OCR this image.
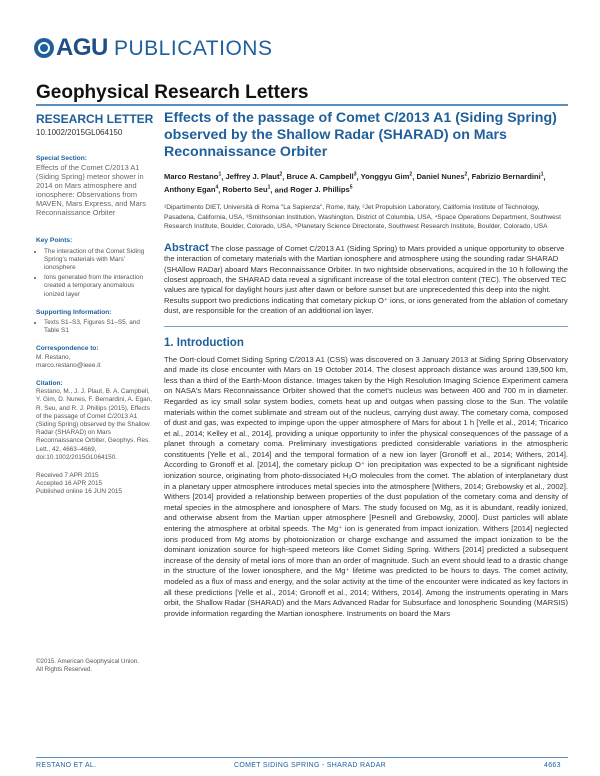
AGU PUBLICATIONS
Geophysical Research Letters
RESEARCH LETTER
10.1002/2015GL064150
Special Section:
Effects of the Comet C/2013 A1 (Siding Spring) meteor shower in 2014 on Mars atmosphere and ionosphere: Observations from MAVEN, Mars Express, and Mars Reconnaissance Orbiter
Key Points:
• The interaction of the Comet Siding Spring's materials with Mars' ionosphere
• Ions generated from the interaction created a temporary anomalous ionized layer
Supporting Information:
• Texts S1–S3, Figures S1–S5, and Table S1
Correspondence to:
M. Restano,
marco.restano@ieee.it
Citation:
Restano, M., J. J. Plaut, B. A. Campbell, Y. Gim, D. Nunes, F. Bernardini, A. Egan, R. Seu, and R. J. Phillips (2015), Effects of the passage of Comet C/2013 A1 (Siding Spring) observed by the Shallow Radar (SHARAD) on Mars Reconnaissance Orbiter, Geophys. Res. Lett., 42, 4663–4669, doi:10.1002/2015GL064150.
Received 7 APR 2015
Accepted 16 APR 2015
Published online 16 JUN 2015
©2015. American Geophysical Union.
All Rights Reserved.
Effects of the passage of Comet C/2013 A1 (Siding Spring) observed by the Shallow Radar (SHARAD) on Mars Reconnaissance Orbiter
Marco Restano$^1$, Jeffrey J. Plaut$^2$, Bruce A. Campbell$^3$, Yonggyu Gim$^2$, Daniel Nunes$^2$, Fabrizio Bernardini$^1$, Anthony Egan$^4$, Roberto Seu$^1$, and Roger J. Phillips$^5$
¹Dipartimento DIET, Università di Roma "La Sapienza", Rome, Italy, ²Jet Propulsion Laboratory, California Institute of Technology, Pasadena, California, USA, ³Smithsonian Institution, Washington, District of Columbia, USA, ⁴Space Operations Department, Southwest Research Institute, Boulder, Colorado, USA, ⁵Planetary Science Directorate, Southwest Research Institute, Boulder, Colorado, USA
Abstract The close passage of Comet C/2013 A1 (Siding Spring) to Mars provided a unique opportunity to observe the interaction of cometary materials with the Martian ionosphere and atmosphere using the sounding radar SHARAD (SHAllow RADar) aboard Mars Reconnaissance Orbiter. In two nightside observations, acquired in the 10 h following the closest approach, the SHARAD data reveal a significant increase of the total electron content (TEC). The observed TEC values are typical for daylight hours just after dawn or before sunset but are unprecedented this deep into the night. Results support two predictions indicating that cometary pickup O⁺ ions, or ions generated from the ablation of cometary dust, are responsible for the creation of an additional ion layer.
1. Introduction
The Oort-cloud Comet Siding Spring C/2013 A1 (CSS) was discovered on 3 January 2013 at Siding Spring Observatory and made its close encounter with Mars on 19 October 2014. The closest approach distance was around 139,500 km, less than a third of the Earth-Moon distance. Images taken by the High Resolution Imaging Science Experiment camera on NASA's Mars Reconnaissance Orbiter showed that the comet's nucleus was between 400 and 700 m in diameter. Regarded as icy small solar system bodies, comets heat up and outgas when passing close to the Sun. The volatile materials within the comet sublimate and stream out of the nucleus, carrying dust away. The cometary coma, composed of dust and gas, was expected to impinge upon the upper atmosphere of Mars for about 1 h [Yelle et al., 2014; Tricarico et al., 2014; Kelley et al., 2014], providing a unique opportunity to infer the physical consequences of the passage of a planet through a cometary coma. Preliminary investigations predicted considerable variations in the atmospheric constituents [Yelle et al., 2014] and the temporal formation of a new ion layer [Gronoff et al., 2014; Withers, 2014]. According to Gronoff et al. [2014], the cometary pickup O⁺ ion precipitation was expected to be a significant nightside ionization source, originating from photo-dissociated H₂O molecules from the comet. The ablation of interplanetary dust in a planetary upper atmosphere introduces metal species into the atmosphere [Withers, 2014; Grebowsky et al., 2002]. Withers [2014] provided a relationship between properties of the dust population of the cometary coma and density of metal species in the atmosphere and ionosphere of Mars. The study focused on Mg, as it is abundant, readily ionized, and otherwise absent from the Martian upper atmosphere [Pesnell and Grebowsky, 2000]. Dust particles will ablate entering the atmosphere at orbital speeds. The Mg⁺ ion is generated from impact ionization. Withers [2014] neglected ions produced from Mg atoms by photoionization or charge exchange and assumed the impact ionization to be the dominant ionization source for high-speed meteors like Comet Siding Spring. Withers [2014] predicted a subsequent increase of the density of metal ions of more than an order of magnitude. Such an event should lead to a drastic change in the structure of the lower ionosphere, and the Mg⁺ lifetime was predicted to be hours to days. The comet activity, modeled as a flux of mass and energy, and the solar activity at the time of the encounter were indicated as key factors in all these predictions [Yelle et al., 2014; Gronoff et al., 2014; Withers, 2014]. Among the instruments operating in Mars orbit, the Shallow Radar (SHARAD) and the Mars Advanced Radar for Subsurface and Ionospheric Sounding (MARSIS) provide information regarding the Martian ionosphere. Instruments on board the Mars
RESTANO ET AL.	COMET SIDING SPRING - SHARAD RADAR	4663
